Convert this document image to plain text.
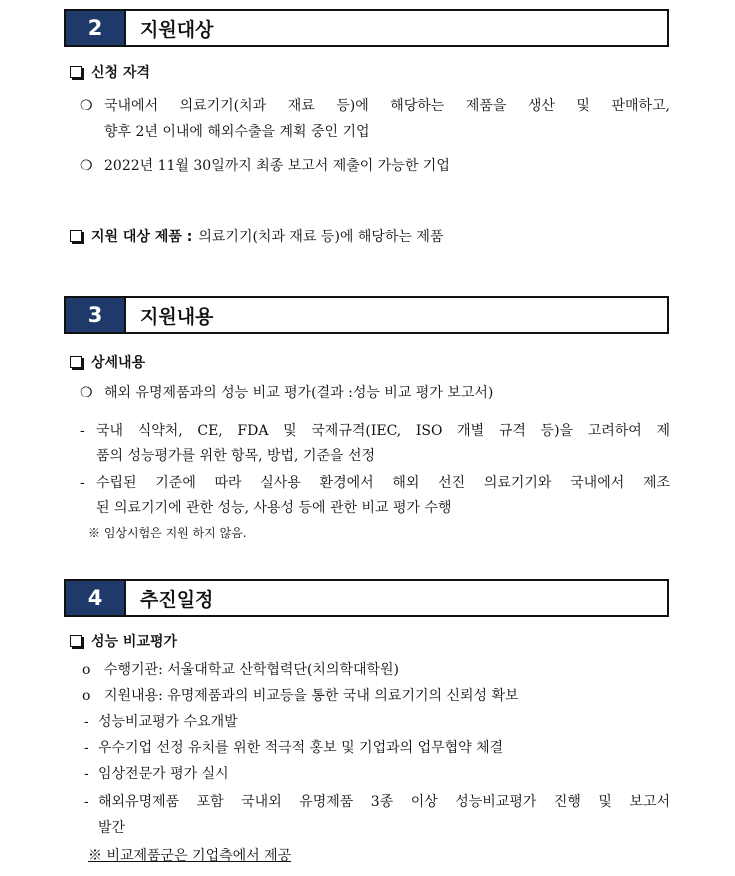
2	지원대상
신청 자격
❍ 국내에서 의료기기(치과 재료 등)에 해당하는 제품을 생산 및 판매하고,
향후 2년 이내에 해외수출을 계획 중인 기업
❍ 2022년 11월 30일까지 최종 보고서 제출이 가능한 기업
지원 대상 제품 : 의료기기(치과 재료 등)에 해당하는 제품
3	지원내용
상세내용
❍ 해외 유명제품과의 성능 비교 평가(결과 :성능 비교 평가 보고서)
- 국내 식약처, CE, FDA 및 국제규격(IEC, ISO 개별 규격 등)을 고려하여 제
품의 성능평가를 위한 항목, 방법, 기준을 선정
- 수립된 기준에 따라 실사용 환경에서 해외 선진 의료기기와 국내에서 제조
된 의료기기에 관한 성능, 사용성 등에 관한 비교 평가 수행
※ 임상시험은 지원 하지 않음.
4	추진일정
성능 비교평가
o 수행기관: 서울대학교 산학협력단(치의학대학원)
o 지원내용: 유명제품과의 비교등을 통한 국내 의료기기의 신뢰성 확보
- 성능비교평가 수요개발
- 우수기업 선정 유치를 위한 적극적 홍보 및 기업과의 업무협약 체결
- 임상전문가 평가 실시
- 해외유명제품 포함 국내외 유명제품 3종 이상 성능비교평가 진행 및 보고서
발간
※ 비교제품군은 기업측에서 제공
